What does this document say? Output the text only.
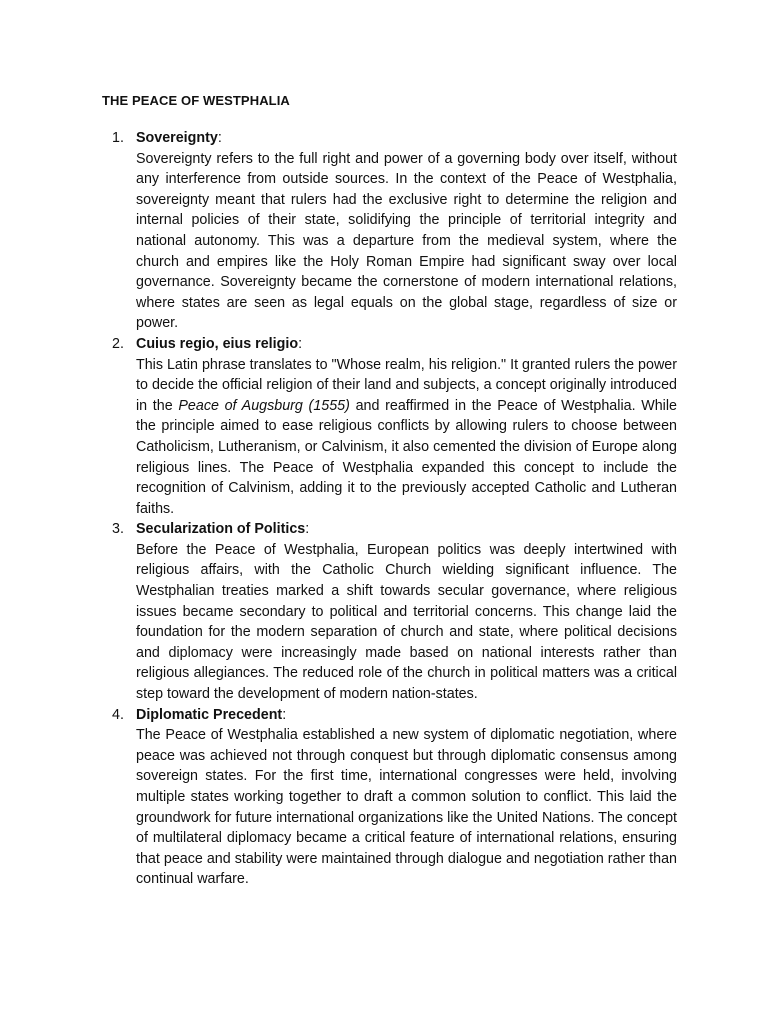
THE PEACE OF WESTPHALIA
1. Sovereignty:

Sovereignty refers to the full right and power of a governing body over itself, without any interference from outside sources. In the context of the Peace of Westphalia, sovereignty meant that rulers had the exclusive right to determine the religion and internal policies of their state, solidifying the principle of territorial integrity and national autonomy. This was a departure from the medieval system, where the church and empires like the Holy Roman Empire had significant sway over local governance. Sovereignty became the cornerstone of modern international relations, where states are seen as legal equals on the global stage, regardless of size or power.

2. Cuius regio, eius religio:

This Latin phrase translates to "Whose realm, his religion." It granted rulers the power to decide the official religion of their land and subjects, a concept originally introduced in the Peace of Augsburg (1555) and reaffirmed in the Peace of Westphalia. While the principle aimed to ease religious conflicts by allowing rulers to choose between Catholicism, Lutheranism, or Calvinism, it also cemented the division of Europe along religious lines. The Peace of Westphalia expanded this concept to include the recognition of Calvinism, adding it to the previously accepted Catholic and Lutheran faiths.

3. Secularization of Politics:

Before the Peace of Westphalia, European politics was deeply intertwined with religious affairs, with the Catholic Church wielding significant influence. The Westphalian treaties marked a shift towards secular governance, where religious issues became secondary to political and territorial concerns. This change laid the foundation for the modern separation of church and state, where political decisions and diplomacy were increasingly made based on national interests rather than religious allegiances. The reduced role of the church in political matters was a critical step toward the development of modern nation-states.

4. Diplomatic Precedent:

The Peace of Westphalia established a new system of diplomatic negotiation, where peace was achieved not through conquest but through diplomatic consensus among sovereign states. For the first time, international congresses were held, involving multiple states working together to draft a common solution to conflict. This laid the groundwork for future international organizations like the United Nations. The concept of multilateral diplomacy became a critical feature of international relations, ensuring that peace and stability were maintained through dialogue and negotiation rather than continual warfare.
